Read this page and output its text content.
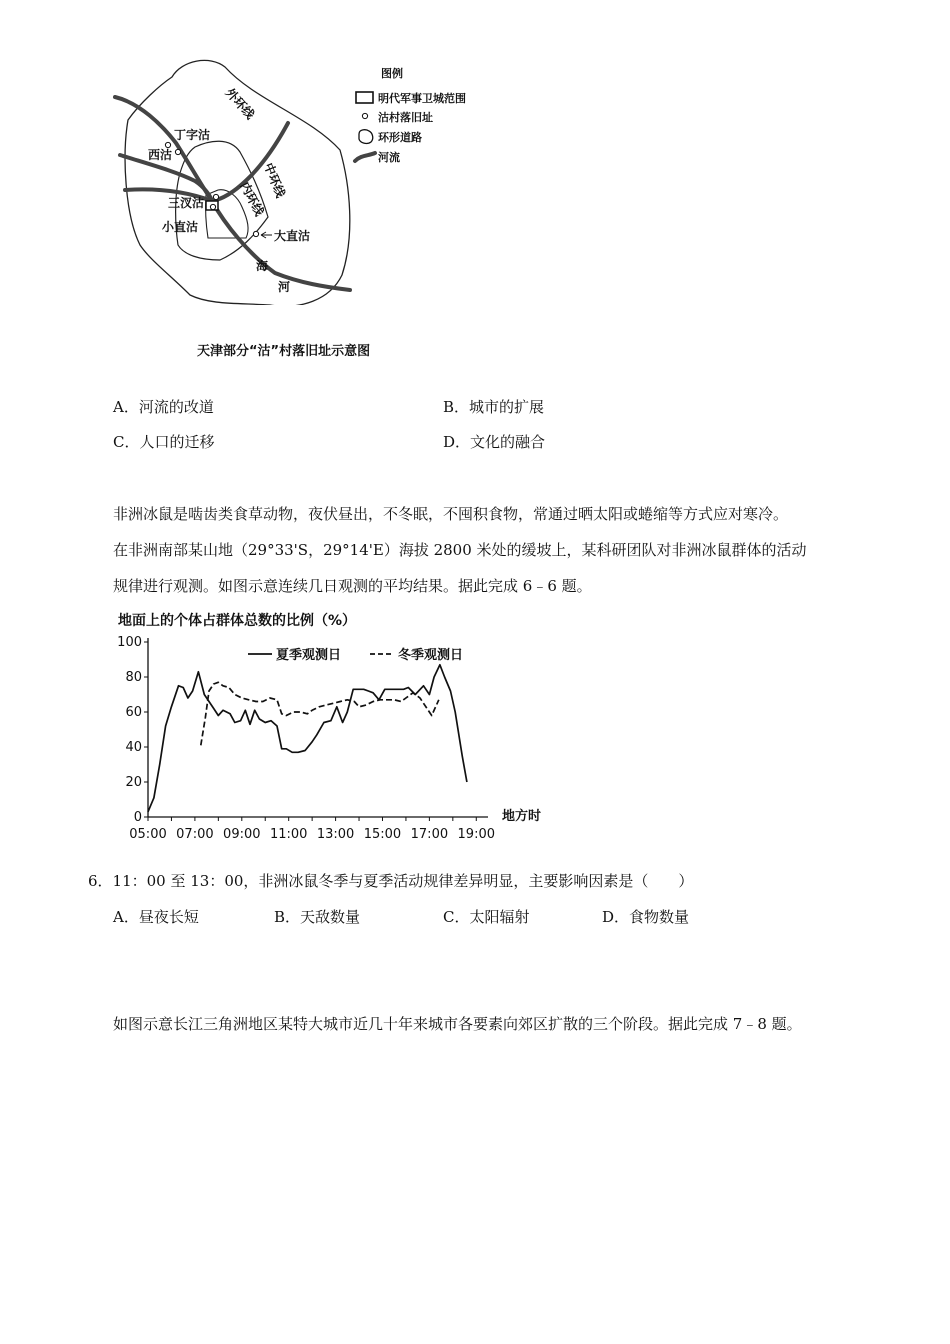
外环线
中环线
内环线
丁字沽
西沽
三汊沽
小直沽
大直沽
海
河
图例
明代军事卫城范围
沽村落旧址
环形道路
河流
天津部分“沽”村落旧址示意图
A．河流的改道	B．城市的扩展
C．人口的迁移	D．文化的融合
非洲冰鼠是啮齿类食草动物，夜伏昼出，不冬眠，不囤积食物，常通过晒太阳或蜷缩等方式应对寒冷。
在非洲南部某山地（29°33'S，29°14'E）海拔 2800 米处的缓坡上，某科研团队对非洲冰鼠群体的活动
规律进行观测。如图示意连续几日观测的平均结果。据此完成 6﹣6 题。
地面上的个体占群体总数的比例（%）
0
20
40
60
80
100
05:00 07:00 09:00 11:00 13:00 15:00 17:00 19:00
地方时
夏季观测日	冬季观测日
6．11：00 至 13：00，非洲冰鼠冬季与夏季活动规律差异明显，主要影响因素是（　　）
A．昼夜长短	B．天敌数量	C．太阳辐射	D．食物数量
如图示意长江三角洲地区某特大城市近几十年来城市各要素向郊区扩散的三个阶段。据此完成 7﹣8 题。
